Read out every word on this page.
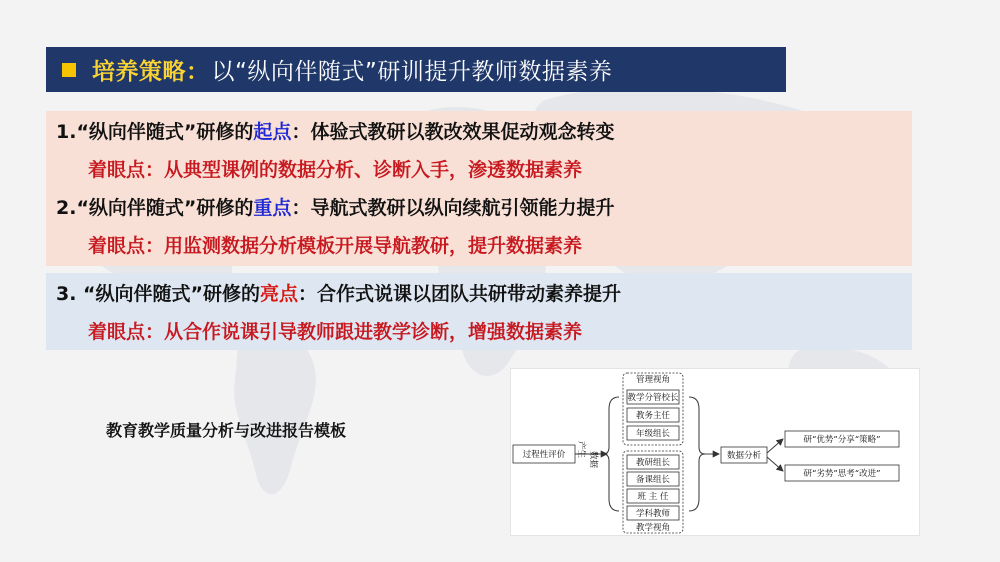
培养策略： 以“纵向伴随式”研训提升教师数据素养
1.“纵向伴随式”研修的起点：体验式教研以教改效果促动观念转变
着眼点：从典型课例的数据分析、诊断入手，渗透数据素养
2.“纵向伴随式”研修的重点：导航式教研以纵向续航引领能力提升
着眼点：用监测数据分析模板开展导航教研，提升数据素养
3. “纵向伴随式”研修的亮点：合作式说课以团队共研带动素养提升
着眼点：从合作说课引导教师跟进教学诊断，增强数据素养
教育教学质量分析与改进报告模板
过程性评价 产生
数据
管理视角
教学分管校长
教务主任
年级组长
教研组长
备课组长
班 主 任
学科教师
教学视角
数据分析
研“优势”分享“策略”
研“劣势”思考“改进”
